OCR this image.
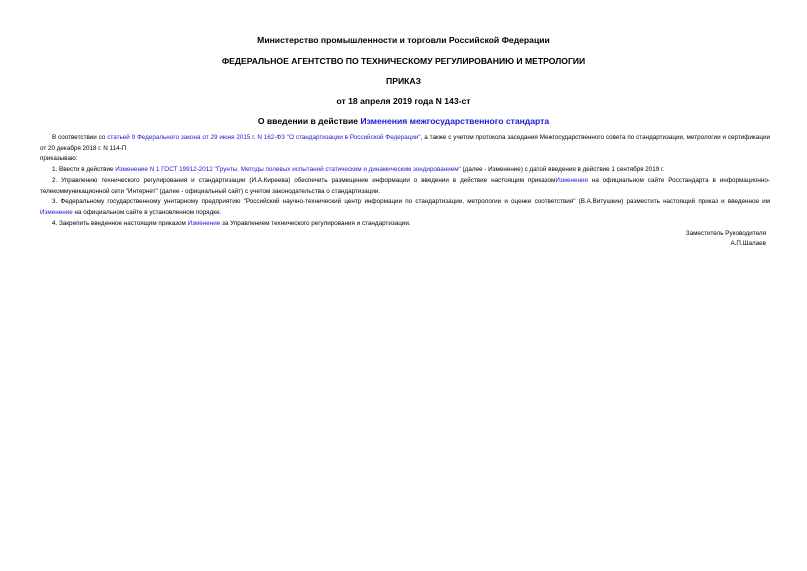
Министерство промышленности и торговли Российской Федерации
ФЕДЕРАЛЬНОЕ АГЕНТСТВО ПО ТЕХНИЧЕСКОМУ РЕГУЛИРОВАНИЮ И МЕТРОЛОГИИ
ПРИКАЗ
от 18 апреля 2019 года N 143-ст
О введении в действие Изменения межгосударственного стандарта

В соответствии со статьей 9 Федерального закона от 29 июня 2015 г. N 162-ФЗ "О стандартизации в Российской Федерации", а также с учетом протокола заседания Межгосударственного совета по стандартизации, метрологии и сертификации от 20 декабря 2018 г. N 114-П

приказываю:

1. Ввести в действие Изменение N 1 ГОСТ 19912-2012 "Грунты. Методы полевых испытаний статическим и динамическим зондированием" (далее - Изменение) с датой введения в действие 1 сентября 2019 г.

2. Управлению технического регулирования и стандартизации (И.А.Киреева) обеспечить размещение информации о введении в действие настоящим приказомИзменения на официальном сайте Росстандарта в информационно-телекоммуникационной сети "Интернет" (далее - официальный сайт) с учетом законодательства о стандартизации.

3. Федеральному государственному унитарному предприятию "Российский научно-технический центр информации по стандартизации, метрологии и оценке соответствия" (В.А.Витушкин) разместить настоящий приказ и введенное им Изменение на официальном сайте в установленном порядке.

4. Закрепить введенное настоящим приказом Изменение за Управлением технического регулирования и стандартизации.

Заместитель Руководителя
А.П.Шалаев
